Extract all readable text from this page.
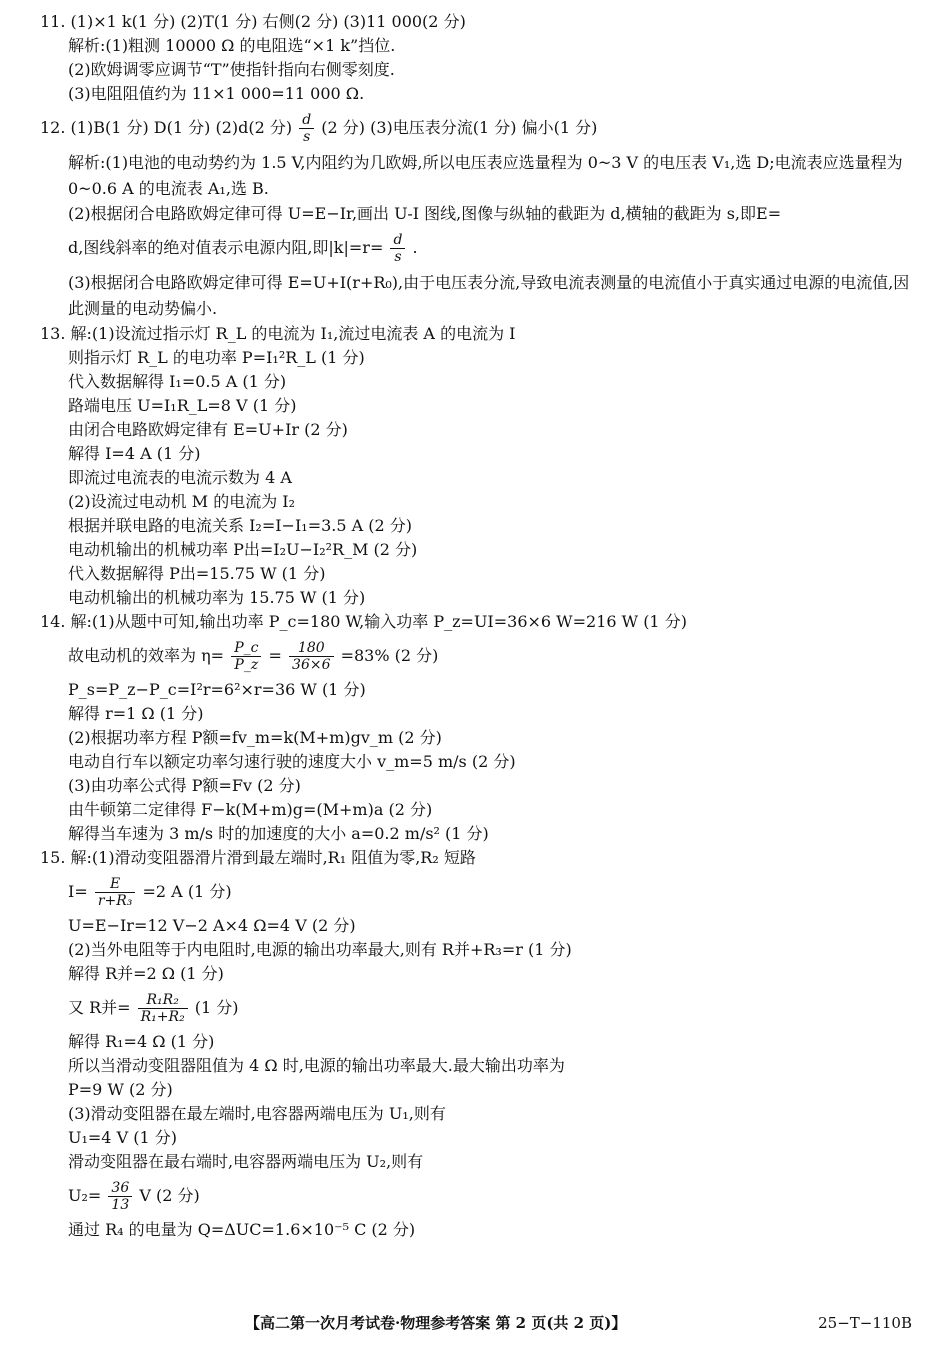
11. (1)×1 k(1 分) (2)T(1 分) 右侧(2 分) (3)11 000(2 分)
解析:(1)粗测 10000 Ω 的电阻选“×1 k”挡位.
(2)欧姆调零应调节“T”使指针指向右侧零刻度.
(3)电阻阻值约为 11×1 000=11 000 Ω.
12. (1)B(1 分) D(1 分) (2)d(2 分) $\frac{d}{s} (2$ 分) (3)电压表分流(1 分) 偏小(1 分)
解析:(1)电池的电动势约为 1.5 V,内阻约为几欧姆,所以电压表应选量程为 0~3 V 的电压表 V₁,选 D;电流表应选量程为 0~0.6 A 的电流表 A₁,选 B.
(2)根据闭合电路欧姆定律可得 U=E−Ir,画出 U-I 图线,图像与纵轴的截距为 d,横轴的截距为 s,即E=
d,图线斜率的绝对值表示电源内阻,即$|k|=r= \frac{d}{s}$ .
(3)根据闭合电路欧姆定律可得 E=U+I(r+R₀),由于电压表分流,导致电流表测量的电流值小于真实通过电源的电流值,因此测量的电动势偏小.
13. 解:(1)设流过指示灯 R_L 的电流为 I₁,流过电流表 A 的电流为 I
则指示灯 R_L 的电功率 P=I₁²R_L (1 分)
代入数据解得 I₁=0.5 A (1 分)
路端电压 U=I₁R_L=8 V (1 分)
由闭合电路欧姆定律有 E=U+Ir (2 分)
解得 I=4 A (1 分)
即流过电流表的电流示数为 4 A
(2)设流过电动机 M 的电流为 I₂
根据并联电路的电流关系 I₂=I−I₁=3.5 A (2 分)
电动机输出的机械功率 P出=I₂U−I₂²R_M (2 分)
代入数据解得 P出=15.75 W (1 分)
电动机输出的机械功率为 15.75 W (1 分)
14. 解:(1)从题中可知,输出功率 P_c=180 W,输入功率 P_z=UI=36×6 W=216 W (1 分)
故电动机的效率为 $\eta= \frac{P\_c}{P\_z} = \frac{180}{36\times 6} =83\%$ (2 分)
P_s=P_z−P_c=I²r=6²×r=36 W (1 分)
解得 r=1 Ω (1 分)
(2)根据功率方程 P额=fv_m=k(M+m)gv_m (2 分)
电动自行车以额定功率匀速行驶的速度大小 v_m=5 m/s (2 分)
(3)由功率公式得 P额=Fv (2 分)
由牛顿第二定律得 F−k(M+m)g=(M+m)a (2 分)
解得当车速为 3 m/s 时的加速度的大小 a=0.2 m/s² (1 分)
15. 解:(1)滑动变阻器滑片滑到最左端时,R₁ 阻值为零,R₂ 短路
$I= \frac{E}{\text{r+R₃}} =2$ A (1 分)
U=E−Ir=12 V−2 A×4 Ω=4 V (2 分)
(2)当外电阻等于内电阻时,电源的输出功率最大,则有 R并+R₃=r (1 分)
解得 R并=2 Ω (1 分)
又 R并= $\frac{\text{R₁R₂}}{\text{R₁+R₂}} (1$ 分)
解得 R₁=4 Ω (1 分)
所以当滑动变阻器阻值为 4 Ω 时,电源的输出功率最大.最大输出功率为
P=9 W (2 分)
(3)滑动变阻器在最左端时,电容器两端电压为 U₁,则有
U₁=4 V (1 分)
滑动变阻器在最右端时,电容器两端电压为 U₂,则有
$U_2= \frac{36}{13}$ V (2 分)
通过 R₄ 的电量为 Q=ΔUC=1.6×10⁻⁵ C (2 分)
【高二第一次月考试卷·物理参考答案 第 2 页(共 2 页)】	25−T−110B
